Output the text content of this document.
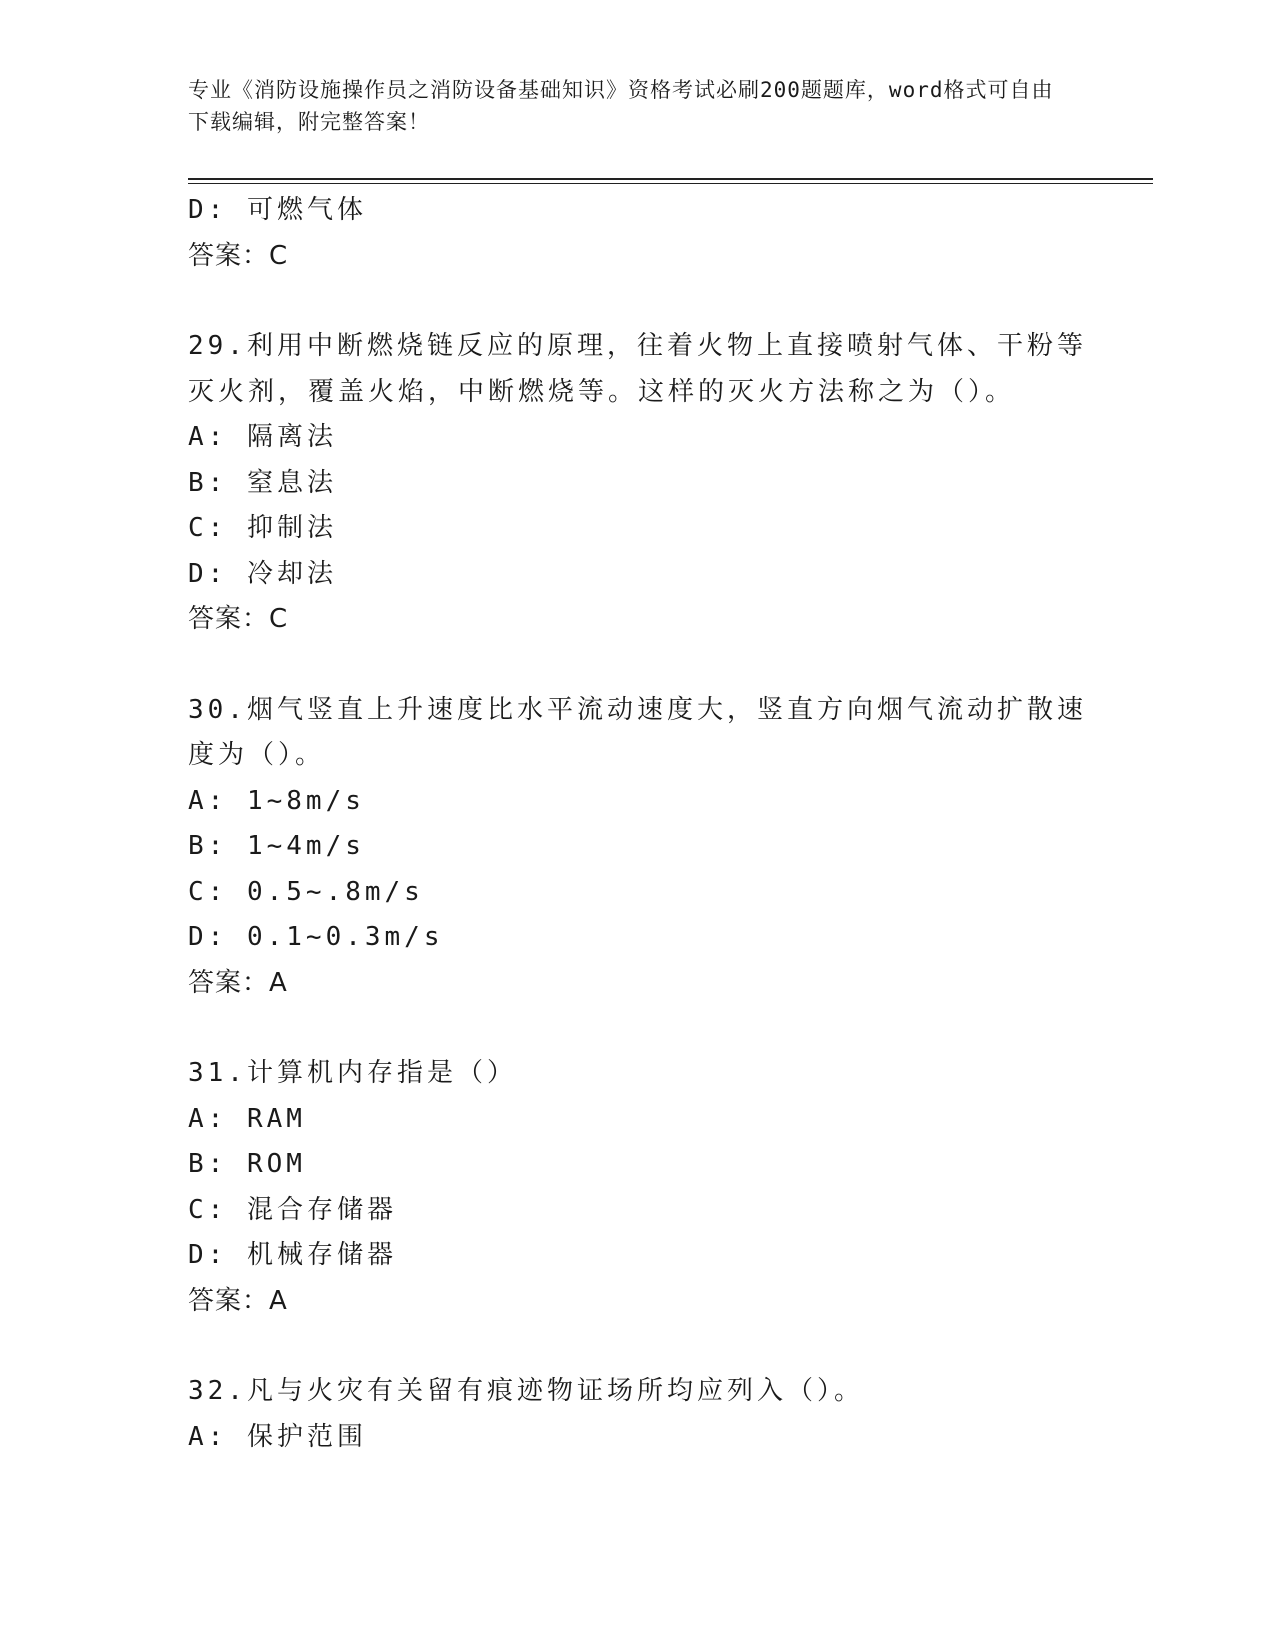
专业《消防设施操作员之消防设备基础知识》资格考试必刷200题题库，word格式可自由下载编辑，附完整答案！
D: 可燃气体
答案：C
29.利用中断燃烧链反应的原理，往着火物上直接喷射气体、干粉等灭火剂，覆盖火焰，中断燃烧等。这样的灭火方法称之为（）。
A: 隔离法
B: 窒息法
C: 抑制法
D: 冷却法
答案：C
30.烟气竖直上升速度比水平流动速度大，竖直方向烟气流动扩散速度为（）。
A: 1~8m/s
B: 1~4m/s
C: 0.5~.8m/s
D: 0.1~0.3m/s
答案：A
31.计算机内存指是（）
A: RAM
B: ROM
C: 混合存储器
D: 机械存储器
答案：A
32.凡与火灾有关留有痕迹物证场所均应列入（）。
A: 保护范围
